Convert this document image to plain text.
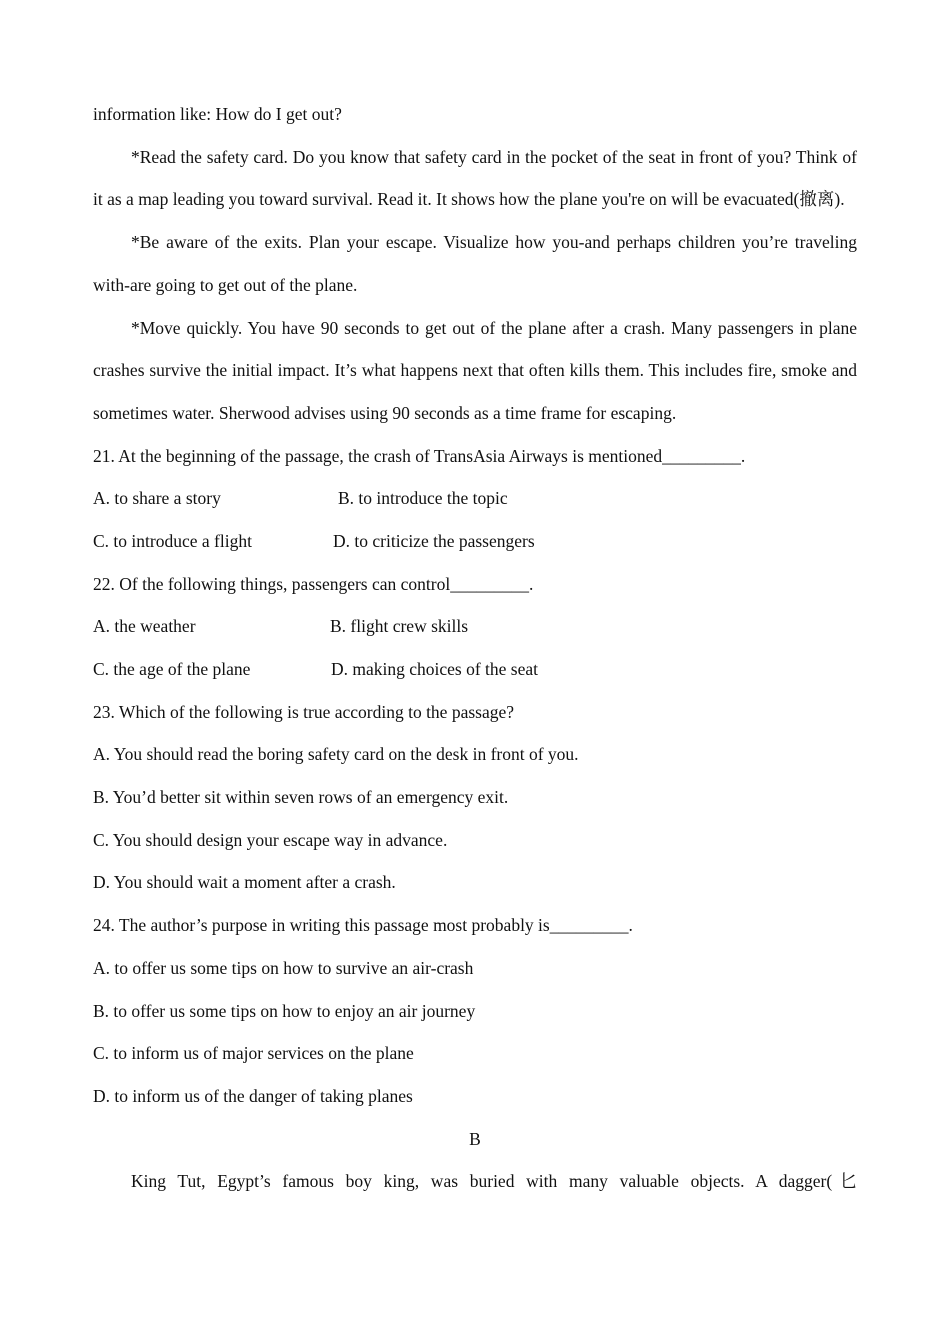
information like: How do I get out?
*Read the safety card. Do you know that safety card in the pocket of the seat in front of you? Think of it as a map leading you toward survival. Read it. It shows how the plane you're on will be evacuated(撤离).
*Be aware of the exits. Plan your escape. Visualize how you-and perhaps children you’re traveling with-are going to get out of the plane.
*Move quickly. You have 90 seconds to get out of the plane after a crash. Many passengers in plane crashes survive the initial impact. It’s what happens next that often kills them. This includes fire, smoke and sometimes water. Sherwood advises using 90 seconds as a time frame for escaping.
21. At the beginning of the passage, the crash of TransAsia Airways is mentioned_________.
A. to share a story	B. to introduce the topic
C. to introduce a flight	D. to criticize the passengers
22. Of the following things, passengers can control_________.
A. the weather	B. flight crew skills
C. the age of the plane	D. making choices of the seat
23. Which of the following is true according to the passage?
A. You should read the boring safety card on the desk in front of you.
B. You’d better sit within seven rows of an emergency exit.
C. You should design your escape way in advance.
D. You should wait a moment after a crash.
24. The author’s purpose in writing this passage most probably is_________.
A. to offer us some tips on how to survive an air-crash
B. to offer us some tips on how to enjoy an air journey
C. to inform us of major services on the plane
D. to inform us of the danger of taking planes
B
King Tut, Egypt’s famous boy king, was buried with many valuable objects. A dagger(匕
